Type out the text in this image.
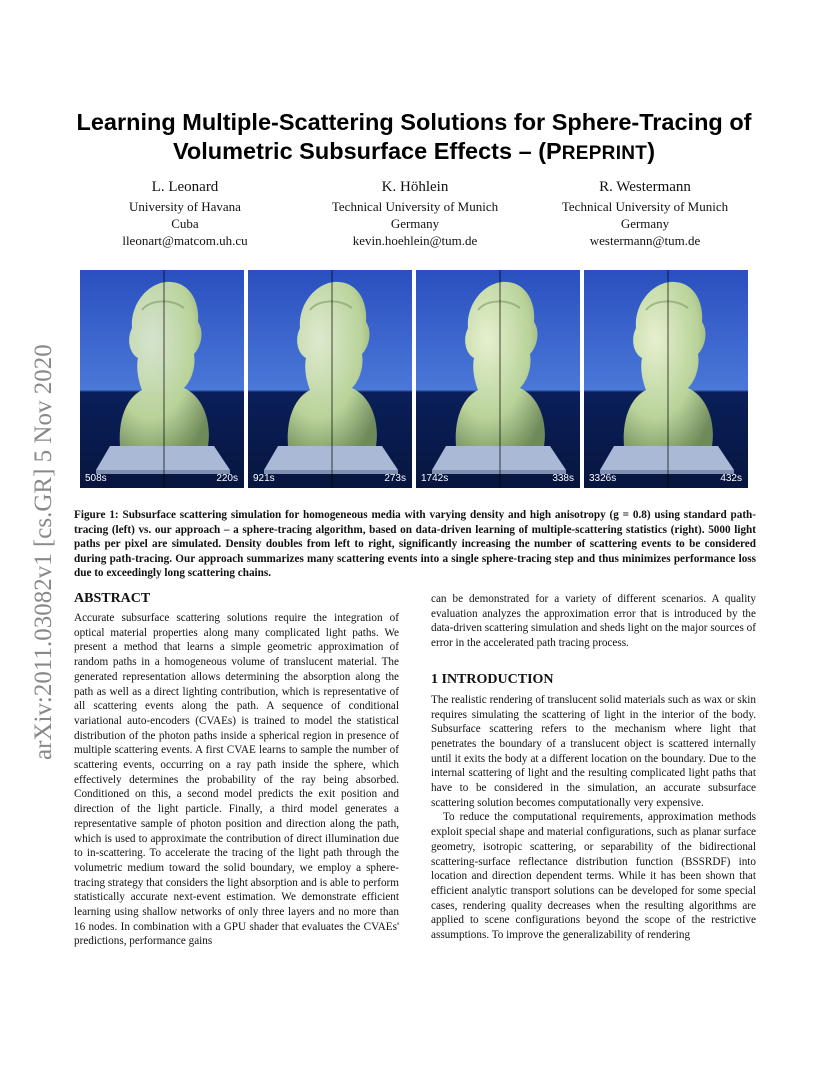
arXiv:2011.03082v1 [cs.GR] 5 Nov 2020
Learning Multiple-Scattering Solutions for Sphere-Tracing of
Volumetric Subsurface Effects – (PREPRINT)
L. Leonard
University of Havana
Cuba
lleonart@matcom.uh.cu
K. Höhlein
Technical University of Munich
Germany
kevin.hoehlein@tum.de
R. Westermann
Technical University of Munich
Germany
westermann@tum.de
508s	220s 921s	273s 1742s	338s 3326s	432s
Figure 1: Subsurface scattering simulation for homogeneous media with varying density and high anisotropy (g = 0.8) using standard path-tracing (left) vs. our approach – a sphere-tracing algorithm, based on data-driven learning of multiple-scattering statistics (right). 5000 light paths per pixel are simulated. Density doubles from left to right, significantly increasing the number of scattering events to be considered during path-tracing. Our approach summarizes many scattering events into a single sphere-tracing step and thus minimizes performance loss due to exceedingly long scattering chains.
ABSTRACT

Accurate subsurface scattering solutions require the integration of optical material properties along many complicated light paths. We present a method that learns a simple geometric approximation of random paths in a homogeneous volume of translucent material. The generated representation allows determining the absorption along the path as well as a direct lighting contribution, which is representative of all scattering events along the path. A sequence of conditional variational auto-encoders (CVAEs) is trained to model the statistical distribution of the photon paths inside a spherical region in presence of multiple scattering events. A first CVAE learns to sample the number of scattering events, occurring on a ray path inside the sphere, which effectively determines the probability of the ray being absorbed. Conditioned on this, a second model predicts the exit position and direction of the light particle. Finally, a third model generates a representative sample of photon position and direction along the path, which is used to approximate the contribution of direct illumination due to in-scattering. To accelerate the tracing of the light path through the volumetric medium toward the solid boundary, we employ a sphere-tracing strategy that considers the light absorption and is able to perform statistically accurate next-event estimation. We demonstrate efficient learning using shallow networks of only three layers and no more than 16 nodes. In combination with a GPU shader that evaluates the CVAEs' predictions, performance gains

can be demonstrated for a variety of different scenarios. A quality evaluation analyzes the approximation error that is introduced by the data-driven scattering simulation and sheds light on the major sources of error in the accelerated path tracing process.

1 INTRODUCTION

The realistic rendering of translucent solid materials such as wax or skin requires simulating the scattering of light in the interior of the body. Subsurface scattering refers to the mechanism where light that penetrates the boundary of a translucent object is scattered internally until it exits the body at a different location on the boundary. Due to the internal scattering of light and the resulting complicated light paths that have to be considered in the simulation, an accurate subsurface scattering solution becomes computationally very expensive.

To reduce the computational requirements, approximation methods exploit special shape and material configurations, such as planar surface geometry, isotropic scattering, or separability of the bidirectional scattering-surface reflectance distribution function (BSSRDF) into location and direction dependent terms. While it has been shown that efficient analytic transport solutions can be developed for some special cases, rendering quality decreases when the resulting algorithms are applied to scene configurations beyond the scope of the restrictive assumptions. To improve the generalizability of rendering
